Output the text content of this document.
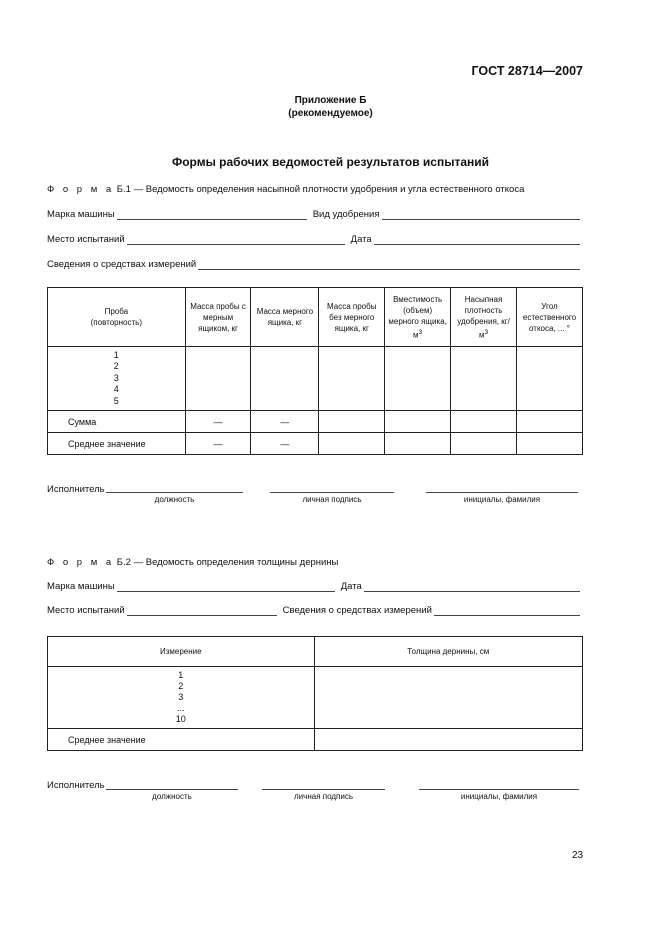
ГОСТ 28714—2007
Приложение Б
(рекомендуемое)
Формы рабочих ведомостей результатов испытаний
Ф о р м а Б.1 — Ведомость определения насыпной плотности удобрения и угла естественного откоса
Марка машины	Вид удобрения
Место испытаний	Дата
Сведения о средствах измерений
Проба
(повторность)	Масса пробы с мерным ящиком, кг	Масса мерного ящика, кг	Масса пробы без мерного ящика, кг	Вместимость (объем) мерного ящика, $м^3$	Насыпная плотность удобрения, $кг/м^3$	Угол естественного откоса, ... °

1
2
3
4
5						

Сумма	—	—				
Среднее значение	—	—				
Исполнитель
должность	личная подпись	инициалы, фамилия
Ф о р м а Б.2 — Ведомость определения толщины дернины
Марка машины	Дата
Место испытаний	Сведения о средствах измерений
Измерение	Толщина дернины, см

1
2
3
...
10	

Среднее значение	
Исполнитель
должность	личная подпись	инициалы, фамилия
23
